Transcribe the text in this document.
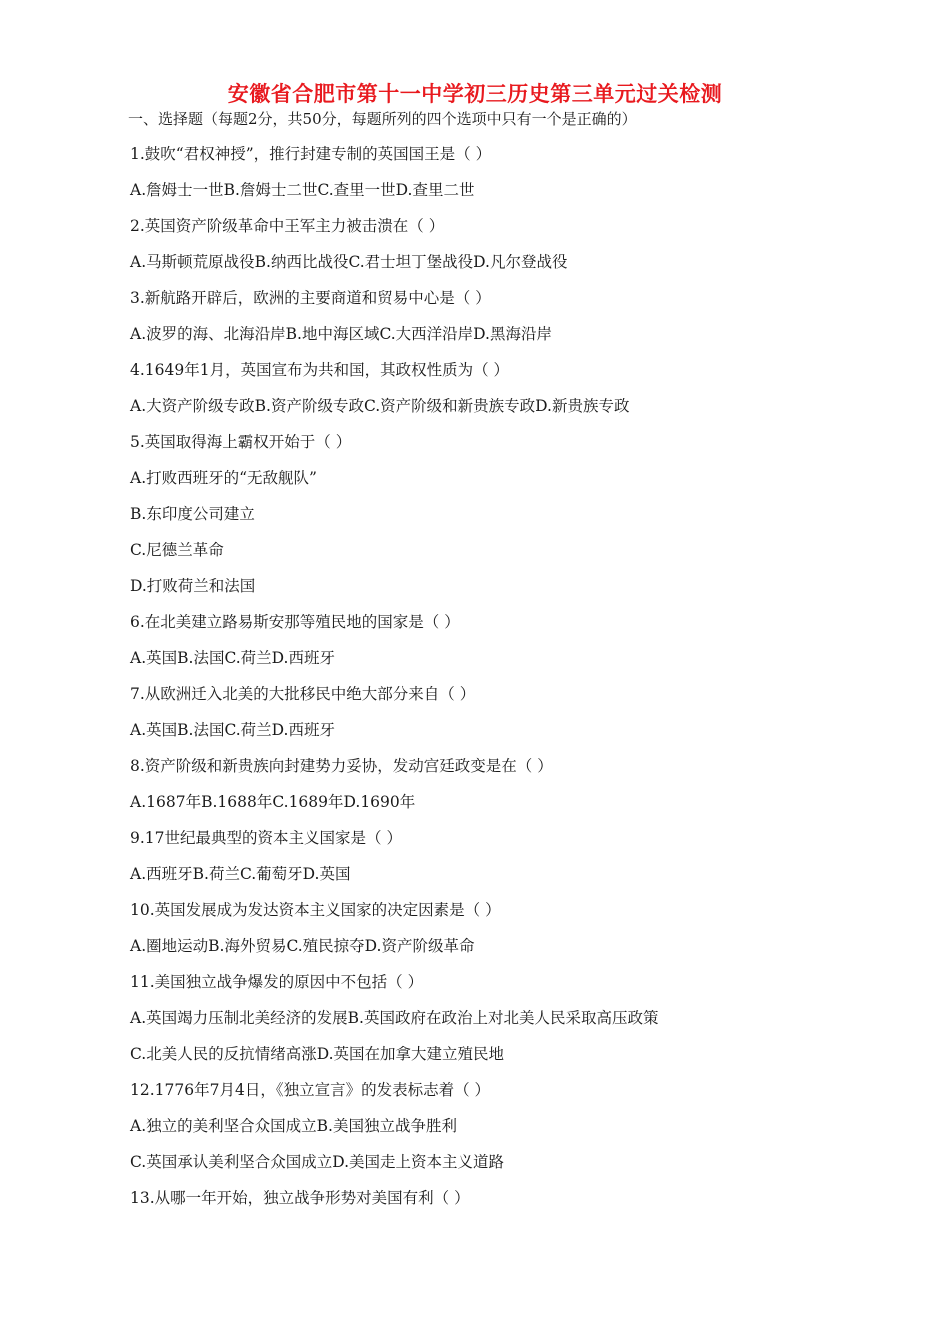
安徽省合肥市第十一中学初三历史第三单元过关检测
一、选择题（每题2分，共50分，每题所列的四个选项中只有一个是正确的）
1.鼓吹“君权神授”，推行封建专制的英国国王是（ ）
A.詹姆士一世B.詹姆士二世C.查里一世D.查里二世
2.英国资产阶级革命中王军主力被击溃在（ ）
A.马斯顿荒原战役B.纳西比战役C.君士坦丁堡战役D.凡尔登战役
3.新航路开辟后，欧洲的主要商道和贸易中心是（ ）
A.波罗的海、北海沿岸B.地中海区域C.大西洋沿岸D.黑海沿岸
4.1649年1月，英国宣布为共和国，其政权性质为（ ）
A.大资产阶级专政B.资产阶级专政C.资产阶级和新贵族专政D.新贵族专政
5.英国取得海上霸权开始于（ ）
A.打败西班牙的“无敌舰队”
B.东印度公司建立
C.尼德兰革命
D.打败荷兰和法国
6.在北美建立路易斯安那等殖民地的国家是（ ）
A.英国B.法国C.荷兰D.西班牙
7.从欧洲迁入北美的大批移民中绝大部分来自（ ）
A.英国B.法国C.荷兰D.西班牙
8.资产阶级和新贵族向封建势力妥协，发动宫廷政变是在（ ）
A.1687年B.1688年C.1689年D.1690年
9.17世纪最典型的资本主义国家是（ ）
A.西班牙B.荷兰C.葡萄牙D.英国
10.英国发展成为发达资本主义国家的决定因素是（ ）
A.圈地运动B.海外贸易C.殖民掠夺D.资产阶级革命
11.美国独立战争爆发的原因中不包括（ ）
A.英国竭力压制北美经济的发展B.英国政府在政治上对北美人民采取高压政策
C.北美人民的反抗情绪高涨D.英国在加拿大建立殖民地
12.1776年7月4日，《独立宣言》的发表标志着（ ）
A.独立的美利坚合众国成立B.美国独立战争胜利
C.英国承认美利坚合众国成立D.美国走上资本主义道路
13.从哪一年开始，独立战争形势对美国有利（ ）
